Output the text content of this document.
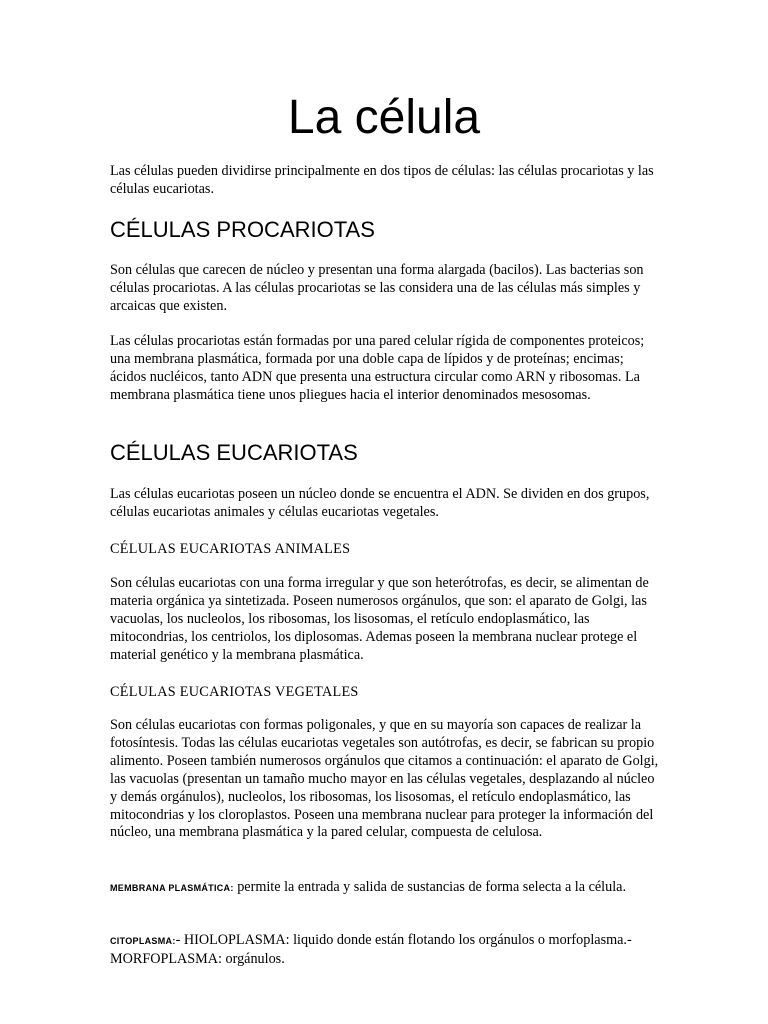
La célula

Las células pueden dividirse principalmente en dos tipos de células: las células procariotas y las células eucariotas.

CÉLULAS PROCARIOTAS

Son células que carecen de núcleo y presentan una forma alargada (bacilos). Las bacterias son células procariotas. A las células procariotas se las considera una de las células más simples y arcaicas que existen.

Las células procariotas están formadas por una pared celular rígida de componentes proteicos; una membrana plasmática, formada por una doble capa de lípidos y de proteínas; encimas; ácidos nucléicos, tanto ADN que presenta una estructura circular como ARN y ribosomas. La membrana plasmática tiene unos pliegues hacia el interior denominados mesosomas.

CÉLULAS EUCARIOTAS

Las células eucariotas poseen un núcleo donde se encuentra el ADN. Se dividen en dos grupos, células eucariotas animales y células eucariotas vegetales.

CÉLULAS EUCARIOTAS ANIMALES

Son células eucariotas con una forma irregular y que son heterótrofas, es decir, se alimentan de materia orgánica ya sintetizada. Poseen numerosos orgánulos, que son: el aparato de Golgi, las vacuolas, los nucleolos, los ribosomas, los lisosomas, el retículo endoplasmático, las mitocondrias, los centriolos, los diplosomas. Ademas poseen la membrana nuclear protege el material genético y la membrana plasmática.

CÉLULAS EUCARIOTAS VEGETALES

Son células eucariotas con formas poligonales, y que en su mayoría son capaces de realizar la fotosíntesis. Todas las células eucariotas vegetales son autótrofas, es decir, se fabrican su propio alimento. Poseen también numerosos orgánulos que citamos a continuación: el aparato de Golgi, las vacuolas (presentan un tamaño mucho mayor en las células vegetales, desplazando al núcleo y demás orgánulos), nucleolos, los ribosomas, los lisosomas, el retículo endoplasmático, las mitocondrias y los cloroplastos. Poseen una membrana nuclear para proteger la información del núcleo, una membrana plasmática y la pared celular, compuesta de celulosa.

MEMBRANA PLASMÁTICA: permite la entrada y salida de sustancias de forma selecta a la célula.

CITOPLASMA:- HIOLOPLASMA: liquido donde están flotando los orgánulos o morfoplasma.- MORFOPLASMA: orgánulos.
